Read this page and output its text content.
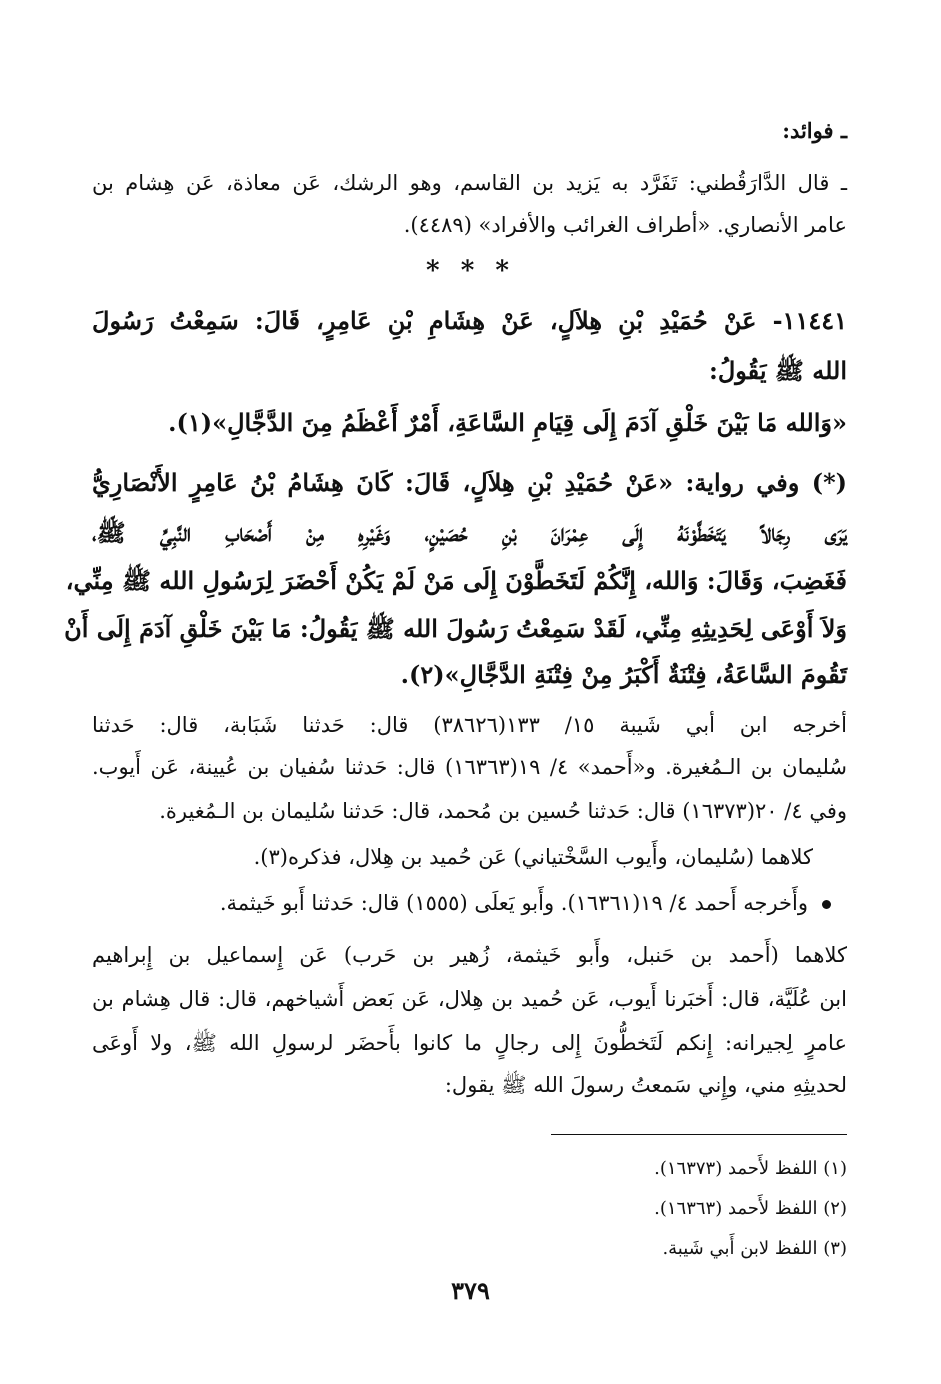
ـ فوائد:

ـ قال الدَّارَقُطني: تَفَرَّد به يَزيد بن القاسم، وهو الرشك، عَن معاذة، عَن هِشام بن

عامر الأنصاري. «أطراف الغرائب والأفراد» (٤٤٨٩).

* * *

١١٤٤١- عَنْ حُمَيْدِ بْنِ هِلاَلٍ، عَنْ هِشَامِ بْنِ عَامِرٍ، قَالَ: سَمِعْتُ رَسُولَ

الله ﷺ يَقُولُ:

«وَالله مَا بَيْنَ خَلْقِ آدَمَ إِلَى قِيَامِ السَّاعَةِ، أَمْرٌ أَعْظَمُ مِنَ الدَّجَّالِ»(١).

(*) وفي رواية: «عَنْ حُمَيْدِ بْنِ هِلاَلٍ، قَالَ: كَانَ هِشَامُ بْنُ عَامِرٍ الأَنْصَارِيُّ

يَرَى رِجَالاً يَتَخَطَّوْنَهُ إِلَى عِمْرَانَ بْنِ حُصَيْنٍ، وَغَيْرِهِ مِنْ أَصْحَابِ النَّبِيِّ ﷺ،

فَغَضِبَ، وَقَالَ: وَالله، إِنَّكُمْ لَتَخَطَّوْنَ إِلَى مَنْ لَمْ يَكُنْ أَحْضَرَ لِرَسُولِ الله ﷺ مِنِّي،

وَلاَ أَوْعَى لِحَدِيثِهِ مِنِّي، لَقَدْ سَمِعْتُ رَسُولَ الله ﷺ يَقُولُ: مَا بَيْنَ خَلْقِ آدَمَ إِلَى أَنْ

تَقُومَ السَّاعَةُ، فِتْنَةٌ أَكْبَرُ مِنْ فِتْنَةِ الدَّجَّالِ»(٢).

أخرجه ابن أبي شَيبة ١٥/ ١٣٣(٣٨٦٢٦) قال: حَدثنا شَبَابة، قال: حَدثنا

سُليمان بن الـمُغيرة. و«أَحمد» ٤/ ١٩(١٦٣٦٣) قال: حَدثنا سُفيان بن عُيينة، عَن أَيوب.

وفي ٤/ ٢٠(١٦٣٧٣) قال: حَدثنا حُسين بن مُحمد، قال: حَدثنا سُليمان بن الـمُغيرة.

كلاهما (سُليمان، وأَيوب السَّخْتياني) عَن حُميد بن هِلال، فذكره(٣).

وأَخرجه أَحمد ٤/ ١٩(١٦٣٦١). وأَبو يَعلَى (١٥٥٥) قال: حَدثنا أَبو خَيثمة.

كلاهما (أَحمد بن حَنبل، وأَبو خَيثمة، زُهير بن حَرب) عَن إِسماعيل بن إِبراهيم

ابن عُلَيَّة، قال: أَخبَرنا أَيوب، عَن حُميد بن هِلال، عَن بَعض أَشياخهم، قال: قال هِشام بن

عامرٍ لِجيرانه: إِنكم لَتَخطُّونَ إِلى رجالٍ ما كانوا بأَحضَر لرسولِ الله ﷺ، ولا أَوعَى

لحديثِهِ مني، وإِني سَمعتُ رسولَ الله ﷺ يقول:

(١) اللفظ لأَحمد (١٦٣٧٣).

(٢) اللفظ لأَحمد (١٦٣٦٣).

(٣) اللفظ لابن أَبي شَيبة.

٣٧٩
